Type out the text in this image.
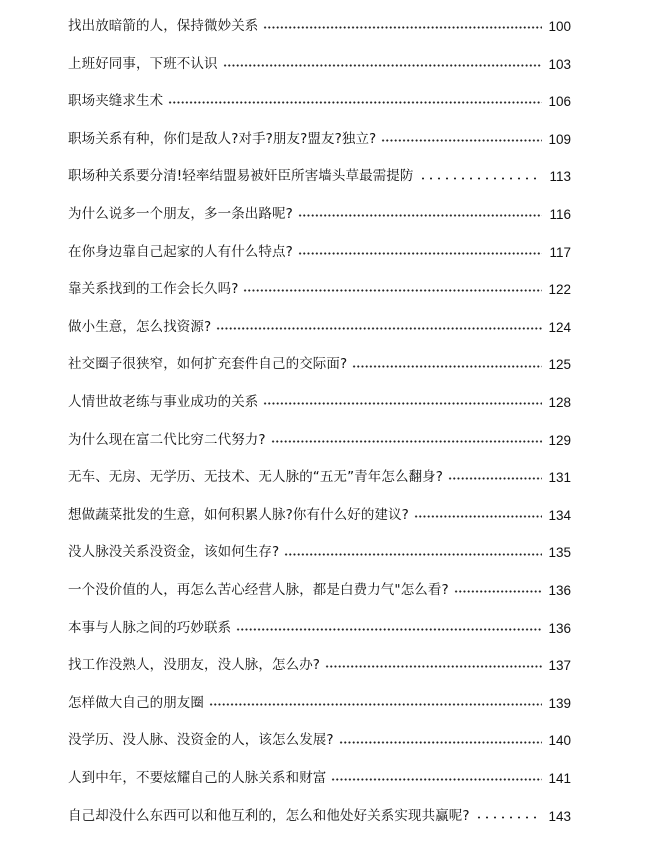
找出放暗箭的人，保持微妙关系	100
上班好同事，下班不认识	103
职场夹缝求生术	106
职场关系有种，你们是敌人?对手?朋友?盟友?独立?	109
职场种关系要分清!轻率结盟易被奸臣所害墙头草最需提防	113
为什么说多一个朋友，多一条出路呢?	116
在你身边靠自己起家的人有什么特点?	117
靠关系找到的工作会长久吗?	122
做小生意，怎么找资源?	124
社交圈子很狭窄，如何扩充套件自己的交际面?	125
人情世故老练与事业成功的关系	128
为什么现在富二代比穷二代努力?	129
无车、无房、无学历、无技术、无人脉的“五无”青年怎么翻身?	131
想做蔬菜批发的生意，如何积累人脉?你有什么好的建议?	134
没人脉没关系没资金，该如何生存?	135
一个没价值的人，再怎么苦心经营人脉，都是白费力气"怎么看?	136
本事与人脉之间的巧妙联系	136
找工作没熟人，没朋友，没人脉，怎么办?	137
怎样做大自己的朋友圈	139
没学历、没人脉、没资金的人，该怎么发展?	140
人到中年，不要炫耀自己的人脉关系和财富	141
自己却没什么东西可以和他互利的，怎么和他处好关系实现共赢呢?	143
